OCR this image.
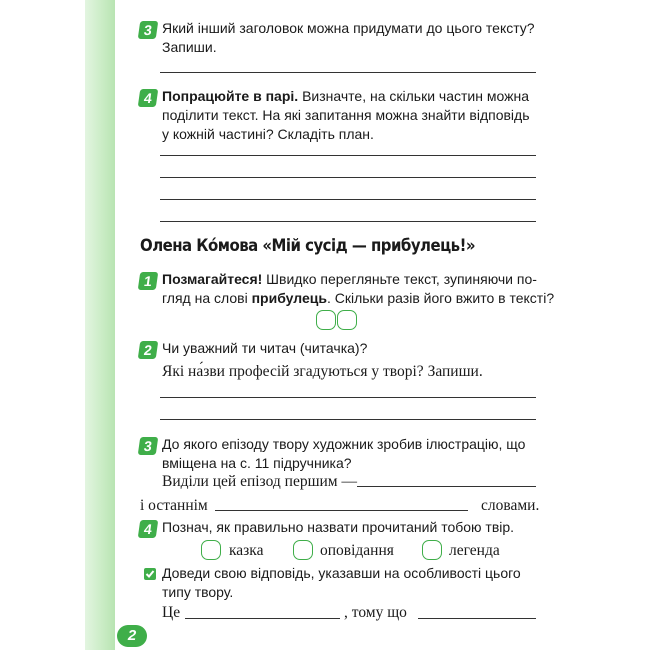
3 Який інший заголовок можна придумати до цього тексту?
Запиши.
4 Попрацюйте в парі. Визначте, на скільки частин можна
поділити текст. На які запитання можна знайти відповідь
у кожній частині? Складіть план.
Олена Ко́мова «Мій сусід — прибулець!»
1 Позмагайтеся! Швидко перегляньте текст, зупиняючи по-
гляд на слові прибулець. Скільки разів його вжито в тексті?
2 Чи уважний ти читач (читачка)?
Які на́зви професій згадуються у творі? Запиши.
3 До якого епізоду твору художник зробив ілюстрацію, що
вміщена на с. 11 підручника?
Виділи цей епізод першим —
і останнім	словами.
4 Познач, як правильно назвати прочитаний тобою твір.
казка	оповідання	легенда
Доведи свою відповідь, указавши на особливості цього
типу твору.
Це	, тому що
2
